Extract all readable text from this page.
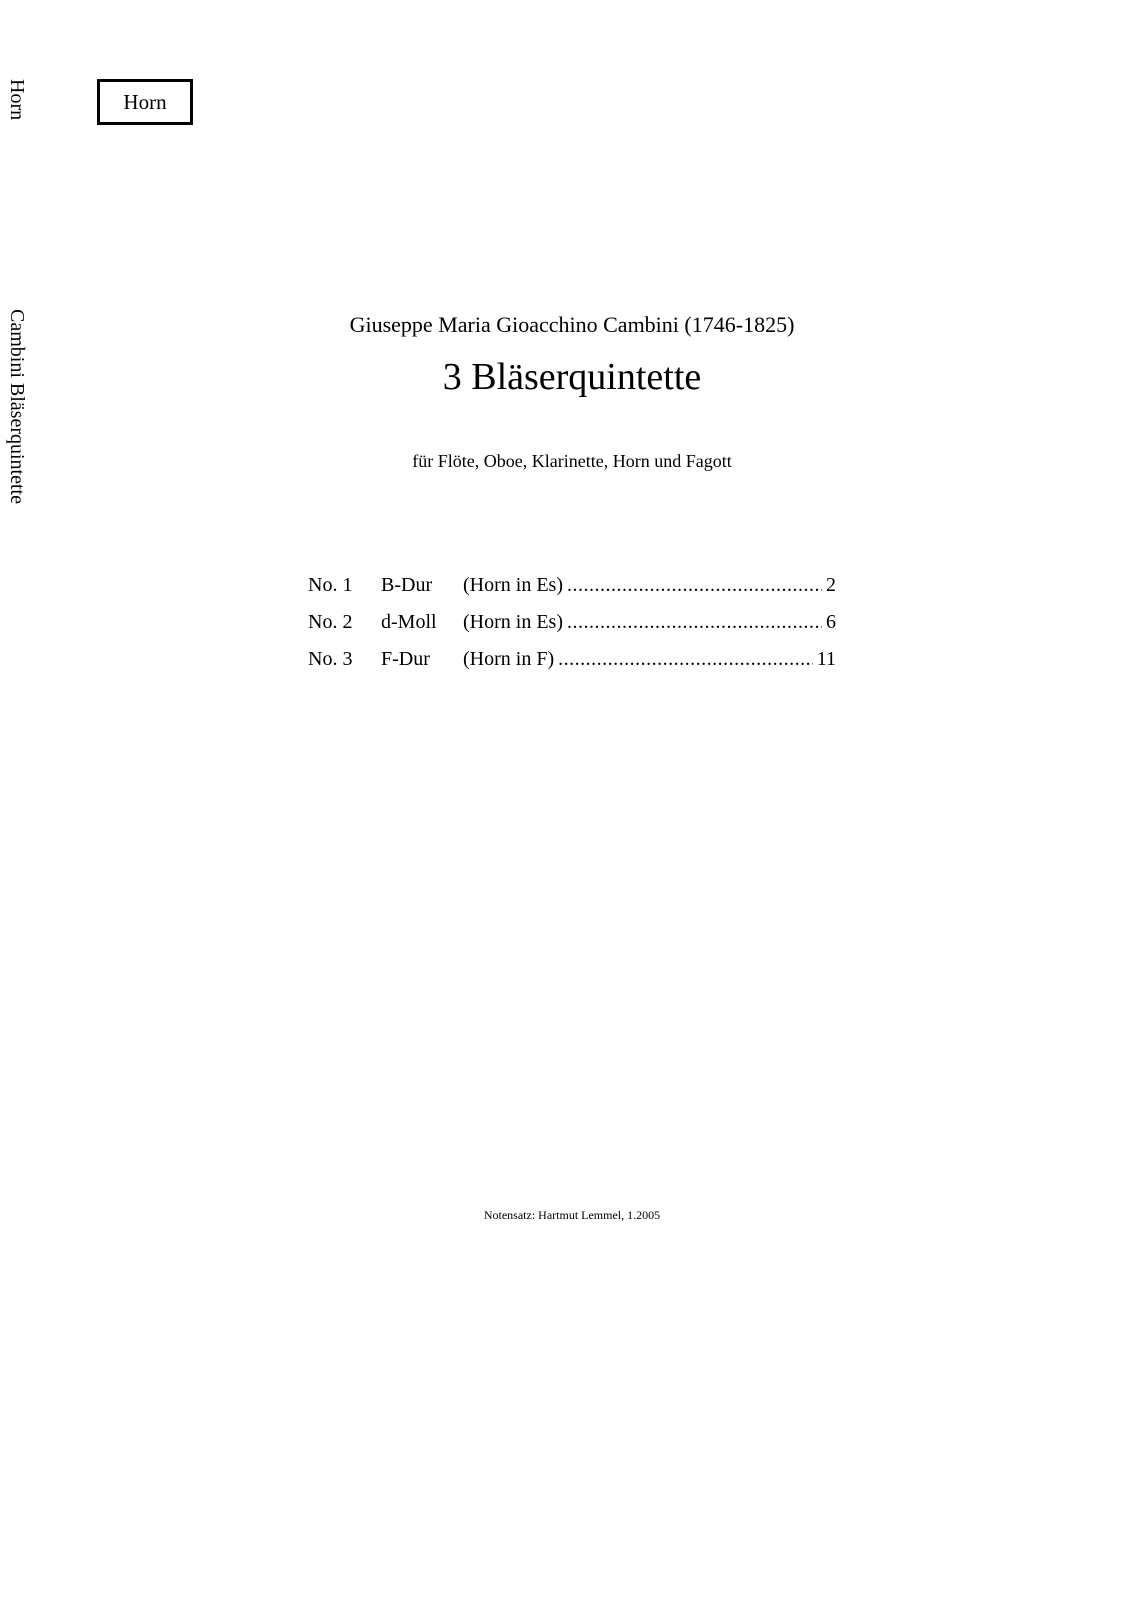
Horn
Cambini Bläserquintette
Horn
Giuseppe Maria Gioacchino Cambini (1746-1825)
3 Bläserquintette
für Flöte, Oboe, Klarinette, Horn und Fagott
No. 1	B-Dur	(Horn in Es) .....	2
No. 2	d-Moll	(Horn in Es) .....	6
No. 3	F-Dur	(Horn in F) .....	11
Notensatz: Hartmut Lemmel, 1.2005
